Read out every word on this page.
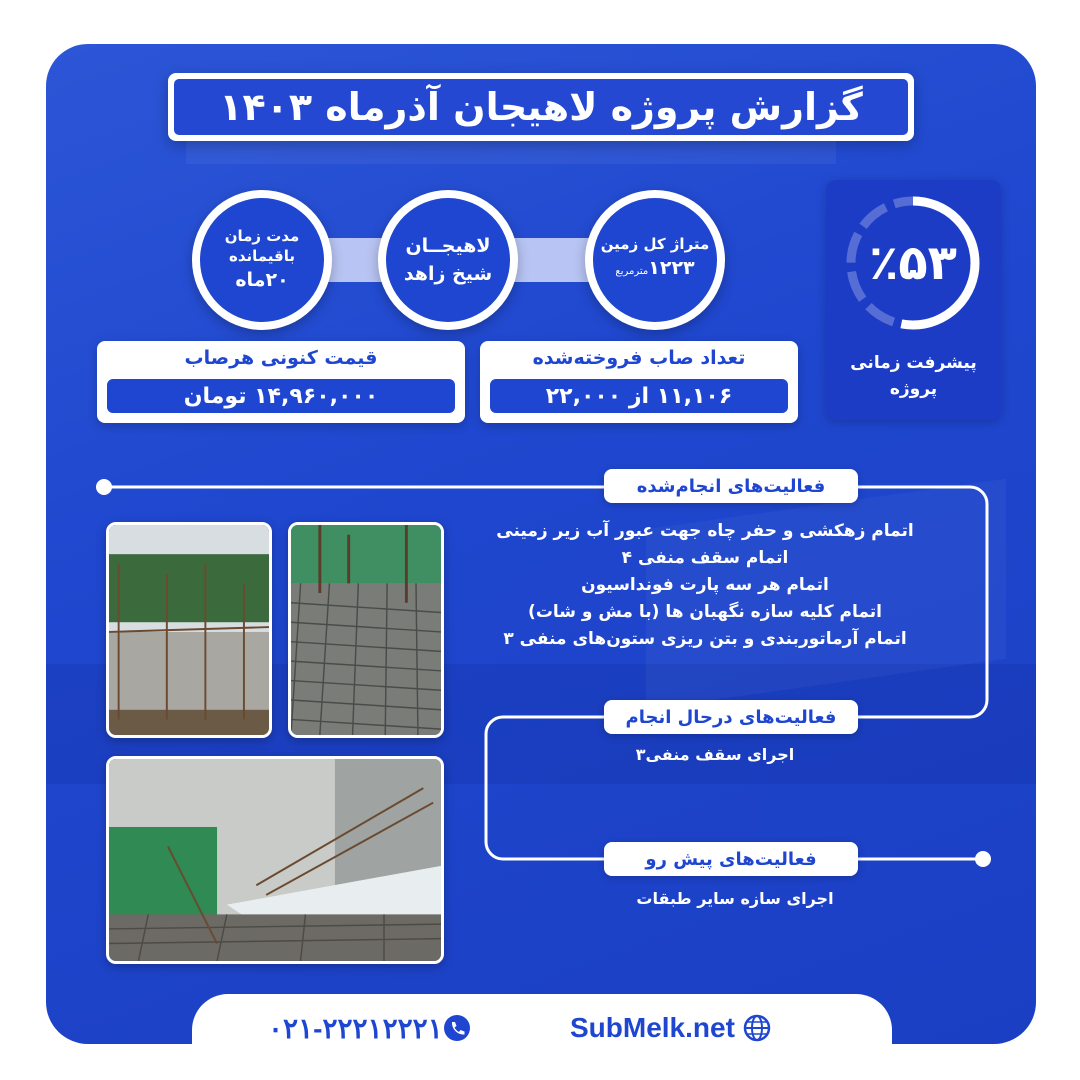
گزارش پروژه لاهیجان آذرماه ۱۴۰۳
٪۵۳
پیشرفت زمانی
پروژه
متراژ کل زمین
۱۲۲۳مترمربع
لاهیجــان
شیخ زاهد
مدت زمان
باقیمانده
۲۰ماه
تعداد صاب فروخته‌شده
۱۱,۱۰۶ از ۲۲,۰۰۰
قیمت کنونی هرصاب
۱۴,۹۶۰,۰۰۰ تومان
فعالیت‌های انجام‌شده
اتمام زهکشی و حفر چاه جهت عبور آب زیر زمینی
اتمام سقف منفی ۴
اتمام هر سه پارت فونداسیون
اتمام کلیه سازه نگهبان ها (با مش و شات)
اتمام آرماتوربندی و بتن ریزی ستون‌های منفی ۳
فعالیت‌های درحال انجام
اجرای سقف منفی۳
فعالیت‌های پیش رو
اجرای سازه سایر طبقات
۰۲۱-۲۲۲۱۲۲۲۱	SubMelk.net
